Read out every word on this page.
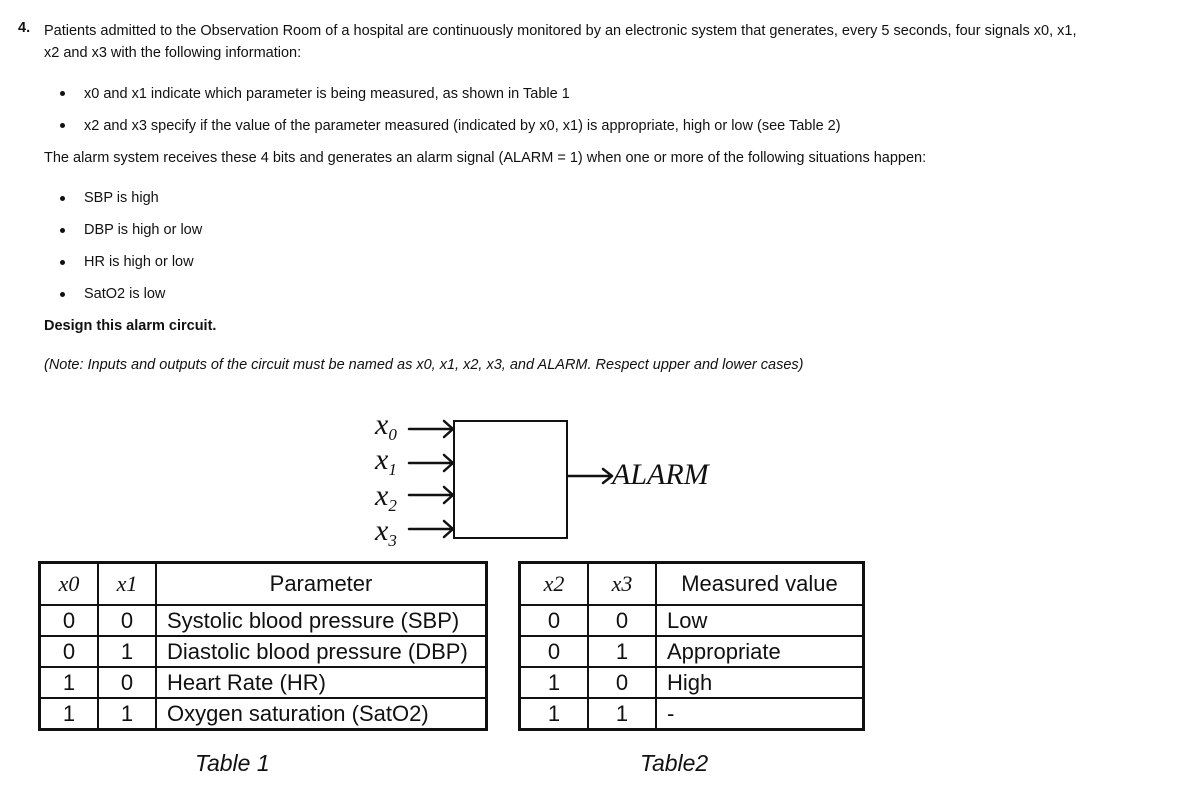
4. Patients admitted to the Observation Room of a hospital are continuously monitored by an electronic system that generates, every 5 seconds, four signals x0, x1,
x2 and x3 with the following information:
x0 and x1 indicate which parameter is being measured, as shown in Table 1
x2 and x3 specify if the value of the parameter measured (indicated by x0, x1) is appropriate, high or low (see Table 2)
The alarm system receives these 4 bits and generates an alarm signal (ALARM = 1) when one or more of the following situations happen:
SBP is high
DBP is high or low
HR is high or low
SatO2 is low
Design this alarm circuit.
(Note: Inputs and outputs of the circuit must be named as x0, x1, x2, x3, and ALARM. Respect upper and lower cases)
$x_0$
$x_1$
$x_2$
$x_3$
ALARM
x0	x1	Parameter
0	0	Systolic blood pressure (SBP)
0	1	Diastolic blood pressure (DBP)
1	0	Heart Rate (HR)
1	1	Oxygen saturation (SatO2)
Table 1
x2	x3	Measured value
0	0	Low
0	1	Appropriate
1	0	High
1	1	-
Table2
